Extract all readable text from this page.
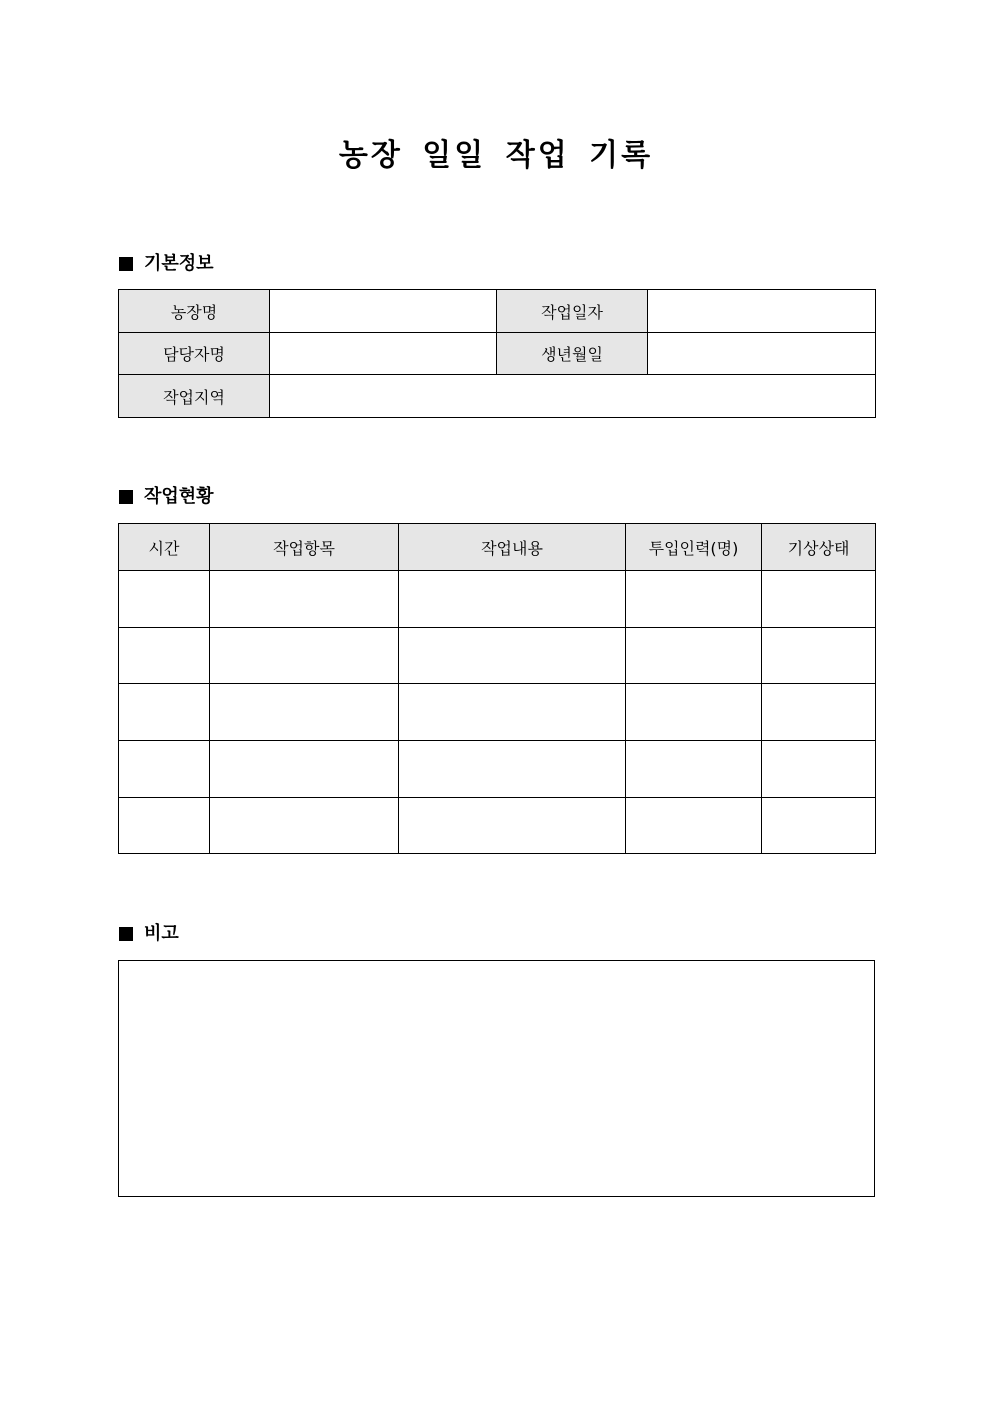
농장 일일 작업 기록
기본정보
농장명		작업일자	
담당자명		생년월일	
작업지역			
작업현황
시간	작업항목	작업내용	투입인력(명)	기상상태

비고
